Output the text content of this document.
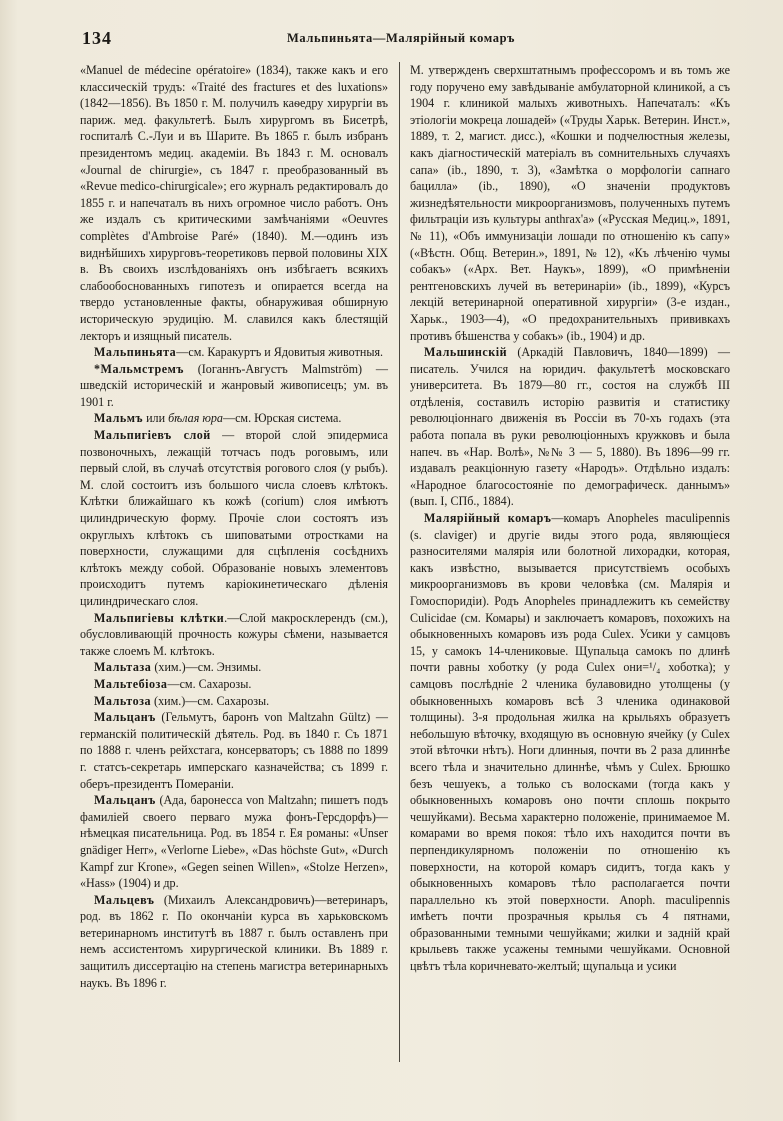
134	Мальпиньята—Малярійный комаръ

«Manuel de médecine opératoire» (1834), также какъ и его классическій трудъ: «Traité des fractures et des luxations» (1842—1856). Въ 1850 г. М. получилъ каѳедру хирургіи въ париж. мед. факультетѣ. Былъ хирургомъ въ Бисетрѣ, госпиталѣ С.-Луи и въ Шарите. Въ 1865 г. былъ избранъ президентомъ медиц. академіи. Въ 1843 г. М. основалъ «Journal de chirurgie», съ 1847 г. преобразованный въ «Revue medico-chirurgicale»; его журналъ редактировалъ до 1855 г. и напечаталъ въ нихъ огромное число работъ. Онъ же издалъ съ критическими замѣчаніями «Oeuvres complètes d'Ambroise Paré» (1840). М.—одинъ изъ виднѣйшихъ хирурговъ-теоретиковъ первой половины XIX в. Въ своихъ изслѣдованіяхъ онъ избѣгаетъ всякихъ слабообоснованныхъ гипотезъ и опирается всегда на твердо установленные факты, обнаруживая обширную историческую эрудицію. М. славился какъ блестящій лекторъ и изящный писатель.

Мальпиньята—см. Каракуртъ и Ядовитыя животныя.

*Мальмстремъ (Іоганнъ-Августъ Malmström) — шведскій историческій и жанровый живописецъ; ум. въ 1901 г.

Мальмъ или бѣлая юра—см. Юрская система.

Мальпигіевъ слой — второй слой эпидермиса позвоночныхъ, лежащій тотчасъ подъ роговымъ, или первый слой, въ случаѣ отсутствія рогового слоя (у рыбъ). М. слой состоитъ изъ большого числа слоевъ клѣтокъ. Клѣтки ближайшаго къ кожѣ (corium) слоя имѣютъ цилиндрическую форму. Прочіе слои состоятъ изъ округлыхъ клѣтокъ съ шиповатыми отростками на поверхности, служащими для сцѣпленія сосѣднихъ клѣтокъ между собой. Образованіе новыхъ элементовъ происходитъ путемъ каріокинетическаго дѣленія цилиндрическаго слоя.

Мальпигіевы клѣтки.—Слой макросклерендъ (см.), обусловливающій прочность кожуры сѣмени, называется также слоемъ М. клѣтокъ.

Мальтаза (хим.)—см. Энзимы.

Мальтебіоза—см. Сахарозы.

Мальтоза (хим.)—см. Сахарозы.

Мальцанъ (Гельмутъ, баронъ von Maltzahn Gültz) — германскій политическій дѣятель. Род. въ 1840 г. Съ 1871 по 1888 г. членъ рейхстага, консерваторъ; съ 1888 по 1899 г. статсъ-секретарь имперскаго казначейства; съ 1899 г. оберъ-президентъ Помераніи.

Мальцанъ (Ада, баронесса von Maltzahn; пишетъ подъ фамиліей своего перваго мужа фонъ-Герсдорфъ)—нѣмецкая писательница. Род. въ 1854 г. Ея романы: «Unser gnädiger Herr», «Verlorne Liebe», «Das höchste Gut», «Durch Kampf zur Krone», «Gegen seinen Willen», «Stolze Herzen», «Hass» (1904) и др.

Мальцевъ (Михаилъ Александровичъ)—ветеринаръ, род. въ 1862 г. По окончаніи курса въ харьковскомъ ветеринарномъ институтѣ въ 1887 г. былъ оставленъ при немъ ассистентомъ хирургической клиники. Въ 1889 г. защитилъ диссертацію на степень магистра ветеринарныхъ наукъ. Въ 1896 г.

М. утвержденъ сверхштатнымъ профессоромъ и въ томъ же году поручено ему завѣдываніе амбулаторной клиникой, а съ 1904 г. клиникой малыхъ животныхъ. Напечаталъ: «Къ этіологіи мокреца лошадей» («Труды Харьк. Ветерин. Инст.», 1889, т. 2, магист. дисс.), «Кошки и подчелюстныя железы, какъ діагностическій матеріалъ въ сомнительныхъ случаяхъ сапа» (ib., 1890, т. 3), «Замѣтка о морфологіи сапнаго бацилла» (ib., 1890), «О значеніи продуктовъ жизнедѣятельности микроорганизмовъ, полученныхъ путемъ фильтраціи изъ культуры anthrax'a» («Русская Медиц.», 1891, № 11), «Объ иммунизаціи лошади по отношенію къ сапу» («Вѣстн. Общ. Ветерин.», 1891, № 12), «Къ лѣченію чумы собакъ» («Арх. Вет. Наукъ», 1899), «О примѣненіи рентгеновскихъ лучей въ ветеринаріи» (ib., 1899), «Курсъ лекцій ветеринарной оперативной хирургіи» (3-е издан., Харьк., 1903—4), «О предохранительныхъ прививкахъ противъ бѣшенства у собакъ» (ib., 1904) и др.

Мальшинскій (Аркадій Павловичъ, 1840—1899) — писатель. Учился на юридич. факультетѣ московскаго университета. Въ 1879—80 гг., состоя на службѣ III отдѣленія, составилъ исторію развитія и статистику революціоннаго движенія въ Россіи въ 70-хъ годахъ (эта работа попала въ руки революціонныхъ кружковъ и была напеч. въ «Нар. Волѣ», №№ 3 — 5, 1880). Въ 1896—99 гг. издавалъ реакціонную газету «Народъ». Отдѣльно издалъ: «Народное благосостояніе по демографическ. даннымъ» (вып. I, СПб., 1884).

Малярійный комаръ—комаръ Anopheles maculipennis (s. claviger) и другіе виды этого рода, являющіеся разносителями малярія или болотной лихорадки, которая, какъ извѣстно, вызывается присутствіемъ особыхъ микроорганизмовъ въ крови человѣка (см. Малярія и Гомоспоридіи). Родъ Anopheles принадлежитъ къ семейству Culicidae (см. Комары) и заключаетъ комаровъ, похожихъ на обыкновенныхъ комаровъ изъ рода Culex. Усики у самцовъ 15, у самокъ 14-члениковые. Щупальца самокъ по длинѣ почти равны хоботку (у рода Culex они=¹/₄ хоботка); у самцовъ послѣдніе 2 членика булавовидно утолщены (у обыкновенныхъ комаровъ всѣ 3 членика одинаковой толщины). 3-я продольная жилка на крыльяхъ образуетъ небольшую вѣточку, входящую въ основную ячейку (у Culex этой вѣточки нѣтъ). Ноги длинныя, почти въ 2 раза длиннѣе всего тѣла и значительно длиннѣе, чѣмъ у Culex. Брюшко безъ чешуекъ, а только съ волосками (тогда какъ у обыкновенныхъ комаровъ оно почти сплошь покрыто чешуйками). Весьма характерно положеніе, принимаемое М. комарами во время покоя: тѣло ихъ находится почти въ перпендикулярномъ положеніи по отношенію къ поверхности, на которой комаръ сидитъ, тогда какъ у обыкновенныхъ комаровъ тѣло располагается почти параллельно къ этой поверхности. Anoph. maculipennis имѣетъ почти прозрачныя крылья съ 4 пятнами, образованными темными чешуйками; жилки и задній край крыльевъ также усажены темными чешуйками. Основной цвѣтъ тѣла коричневато-желтый; щупальца и усики
